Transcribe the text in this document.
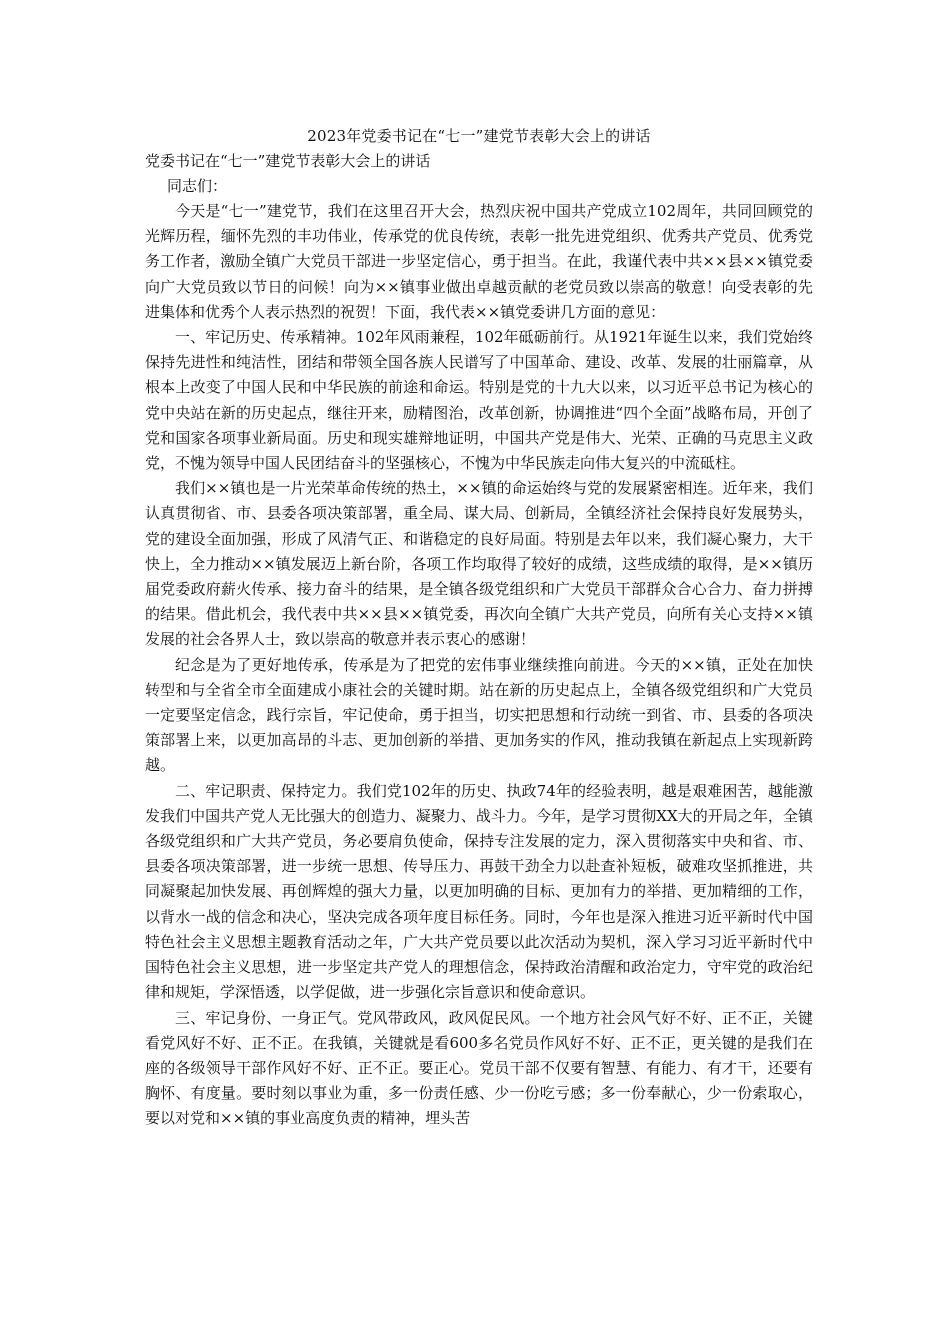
2023年党委书记在“七一”建党节表彰大会上的讲话

党委书记在“七一”建党节表彰大会上的讲话

同志们：

今天是“七一”建党节，我们在这里召开大会，热烈庆祝中国共产党成立102周年，共同回顾党的光辉历程，缅怀先烈的丰功伟业，传承党的优良传统，表彰一批先进党组织、优秀共产党员、优秀党务工作者，激励全镇广大党员干部进一步坚定信心，勇于担当。在此，我谨代表中共××县××镇党委向广大党员致以节日的问候！向为××镇事业做出卓越贡献的老党员致以崇高的敬意！向受表彰的先进集体和优秀个人表示热烈的祝贺！下面，我代表××镇党委讲几方面的意见：

一、牢记历史、传承精神。102年风雨兼程，102年砥砺前行。从1921年诞生以来，我们党始终保持先进性和纯洁性，团结和带领全国各族人民谱写了中国革命、建设、改革、发展的壮丽篇章，从根本上改变了中国人民和中华民族的前途和命运。特别是党的十九大以来，以习近平总书记为核心的党中央站在新的历史起点，继往开来，励精图治，改革创新，协调推进“四个全面”战略布局，开创了党和国家各项事业新局面。历史和现实雄辩地证明，中国共产党是伟大、光荣、正确的马克思主义政党，不愧为领导中国人民团结奋斗的坚强核心，不愧为中华民族走向伟大复兴的中流砥柱。

我们××镇也是一片光荣革命传统的热土，××镇的命运始终与党的发展紧密相连。近年来，我们认真贯彻省、市、县委各项决策部署，重全局、谋大局、创新局，全镇经济社会保持良好发展势头，党的建设全面加强，形成了风清气正、和谐稳定的良好局面。特别是去年以来，我们凝心聚力，大干快上，全力推动××镇发展迈上新台阶，各项工作均取得了较好的成绩，这些成绩的取得，是××镇历届党委政府薪火传承、接力奋斗的结果，是全镇各级党组织和广大党员干部群众合心合力、奋力拼搏的结果。借此机会，我代表中共××县××镇党委，再次向全镇广大共产党员，向所有关心支持××镇发展的社会各界人士，致以崇高的敬意并表示衷心的感谢！

纪念是为了更好地传承，传承是为了把党的宏伟事业继续推向前进。今天的××镇，正处在加快转型和与全省全市全面建成小康社会的关键时期。站在新的历史起点上，全镇各级党组织和广大党员一定要坚定信念，践行宗旨，牢记使命，勇于担当，切实把思想和行动统一到省、市、县委的各项决策部署上来，以更加高昂的斗志、更加创新的举措、更加务实的作风，推动我镇在新起点上实现新跨越。

二、牢记职责、保持定力。我们党102年的历史、执政74年的经验表明，越是艰难困苦，越能激发我们中国共产党人无比强大的创造力、凝聚力、战斗力。今年，是学习贯彻XX大的开局之年，全镇各级党组织和广大共产党员，务必要肩负使命，保持专注发展的定力，深入贯彻落实中央和省、市、县委各项决策部署，进一步统一思想、传导压力、再鼓干劲全力以赴查补短板，破难攻坚抓推进，共同凝聚起加快发展、再创辉煌的强大力量，以更加明确的目标、更加有力的举措、更加精细的工作，以背水一战的信念和决心，坚决完成各项年度目标任务。同时，今年也是深入推进习近平新时代中国特色社会主义思想主题教育活动之年，广大共产党员要以此次活动为契机，深入学习习近平新时代中国特色社会主义思想，进一步坚定共产党人的理想信念，保持政治清醒和政治定力，守牢党的政治纪律和规矩，学深悟透，以学促做，进一步强化宗旨意识和使命意识。

三、牢记身份、一身正气。党风带政风，政风促民风。一个地方社会风气好不好、正不正，关键看党风好不好、正不正。在我镇，关键就是看600多名党员作风好不好、正不正，更关键的是我们在座的各级领导干部作风好不好、正不正。要正心。党员干部不仅要有智慧、有能力、有才干，还要有胸怀、有度量。要时刻以事业为重，多一份责任感、少一份吃亏感；多一份奉献心，少一份索取心，要以对党和××镇的事业高度负责的精神，埋头苦
